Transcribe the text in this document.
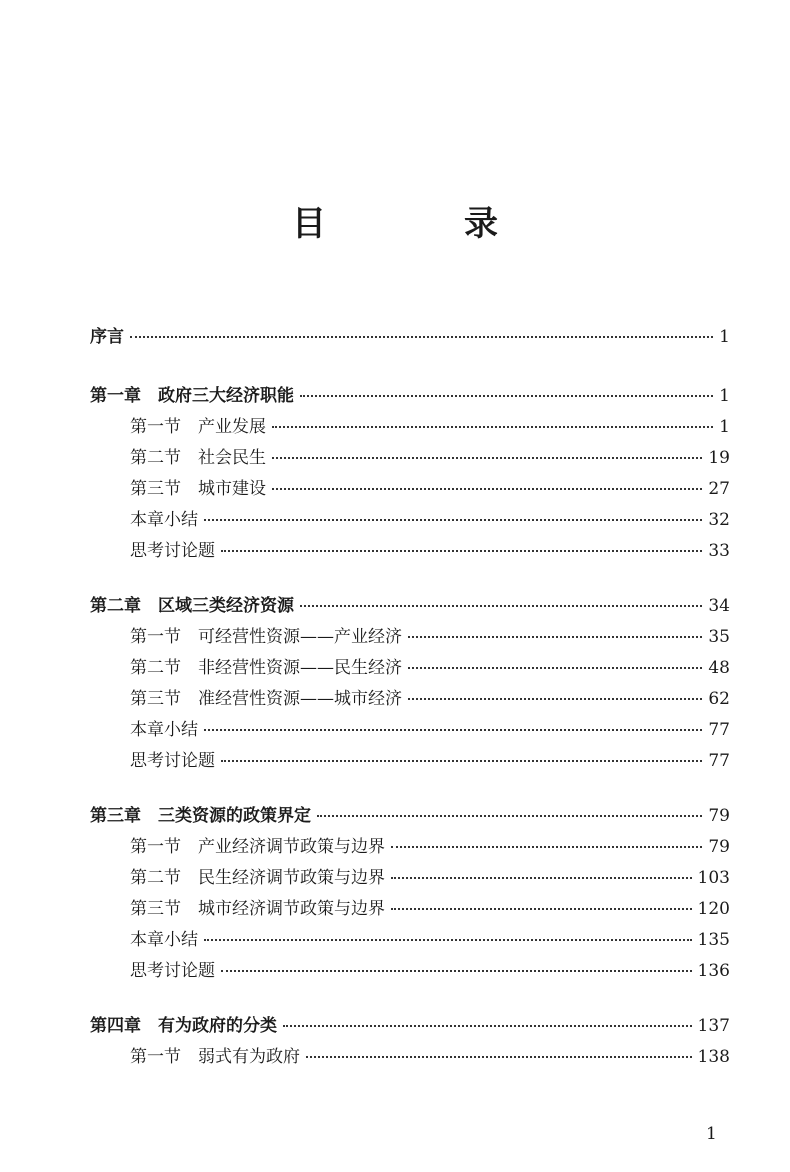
目　录
序言	1
第一章　政府三大经济职能	1
第一节　产业发展	1
第二节　社会民生	19
第三节　城市建设	27
本章小结	32
思考讨论题	33
第二章　区域三类经济资源	34
第一节　可经营性资源——产业经济	35
第二节　非经营性资源——民生经济	48
第三节　准经营性资源——城市经济	62
本章小结	77
思考讨论题	77
第三章　三类资源的政策界定	79
第一节　产业经济调节政策与边界	79
第二节　民生经济调节政策与边界	103
第三节　城市经济调节政策与边界	120
本章小结	135
思考讨论题	136
第四章　有为政府的分类	137
第一节　弱式有为政府	138
1
